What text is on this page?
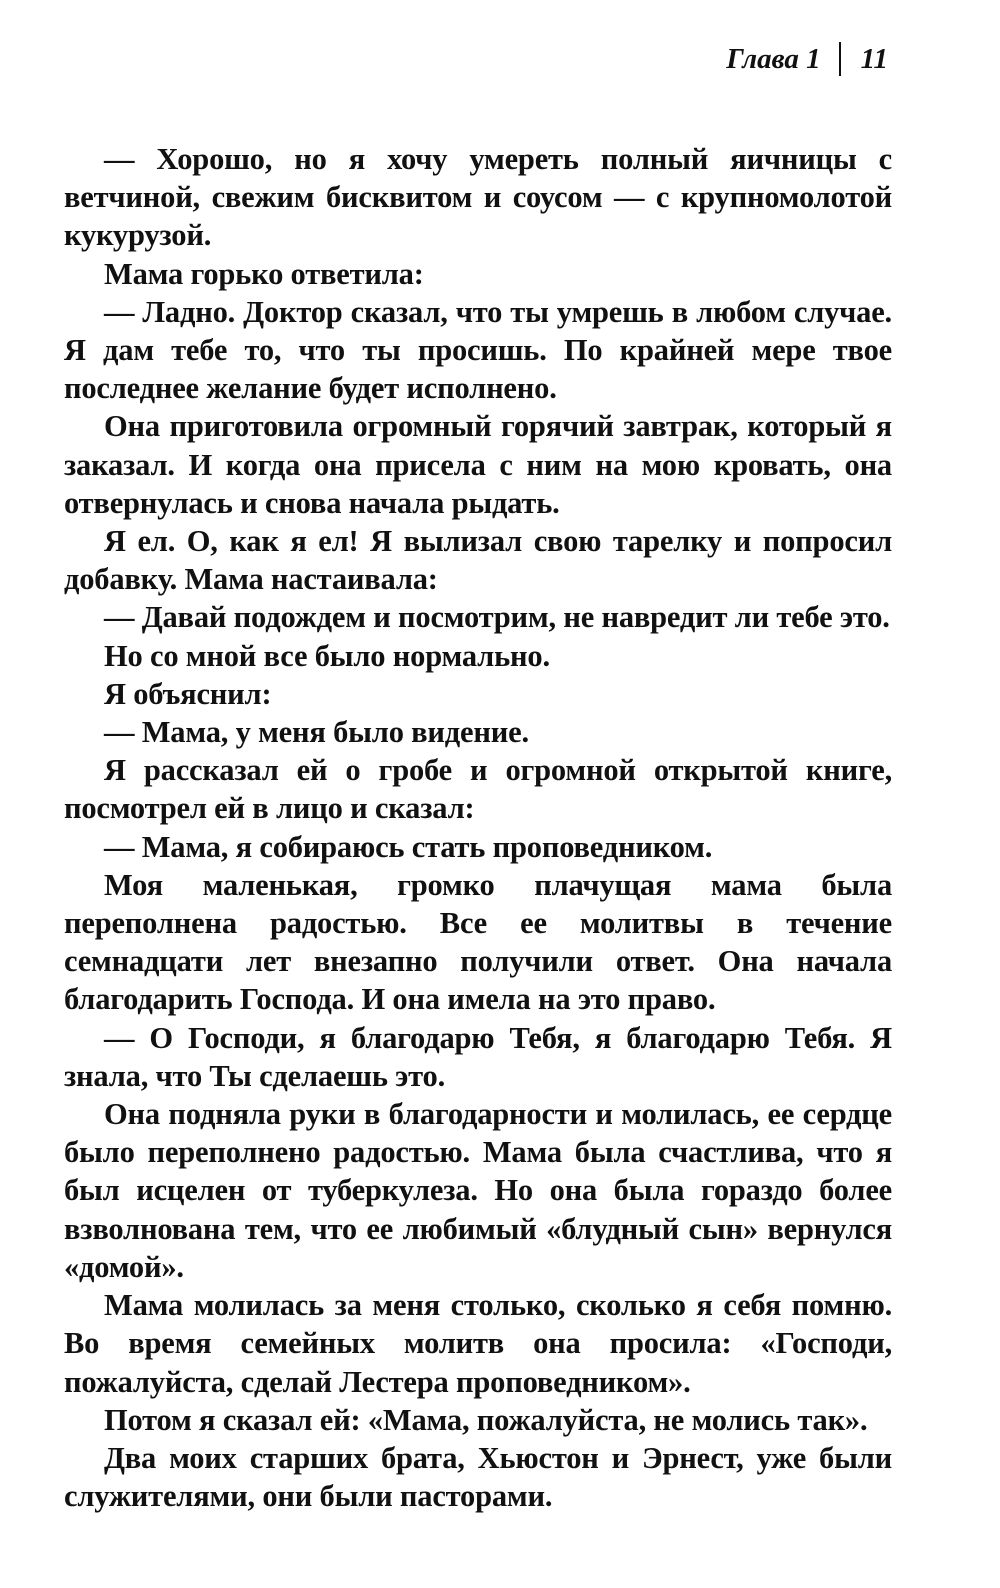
Глава 1	11

— Хорошо, но я хочу умереть полный яичницы с ветчиной, свежим бисквитом и соусом — с крупномолотой кукурузой.

Мама горько ответила:

— Ладно. Доктор сказал, что ты умрешь в любом случае. Я дам тебе то, что ты просишь. По крайней мере твое последнее желание будет исполнено.

Она приготовила огромный горячий завтрак, который я заказал. И когда она присела с ним на мою кровать, она отвернулась и снова начала рыдать.

Я ел. О, как я ел! Я вылизал свою тарелку и попросил добавку. Мама настаивала:

— Давай подождем и посмотрим, не навредит ли тебе это.

Но со мной все было нормально.

Я объяснил:

— Мама, у меня было видение.

Я рассказал ей о гробе и огромной открытой книге, посмотрел ей в лицо и сказал:

— Мама, я собираюсь стать проповедником.

Моя маленькая, громко плачущая мама была переполнена радостью. Все ее молитвы в течение семнадцати лет внезапно получили ответ. Она начала благодарить Господа. И она имела на это право.

— О Господи, я благодарю Тебя, я благодарю Тебя. Я знала, что Ты сделаешь это.

Она подняла руки в благодарности и молилась, ее сердце было переполнено радостью. Мама была счастлива, что я был исцелен от туберкулеза. Но она была гораздо более взволнована тем, что ее любимый «блудный сын» вернулся «домой».

Мама молилась за меня столько, сколько я себя помню. Во время семейных молитв она просила: «Господи, пожалуйста, сделай Лестера проповедником».

Потом я сказал ей: «Мама, пожалуйста, не молись так».

Два моих старших брата, Хьюстон и Эрнест, уже были служителями, они были пасторами.
